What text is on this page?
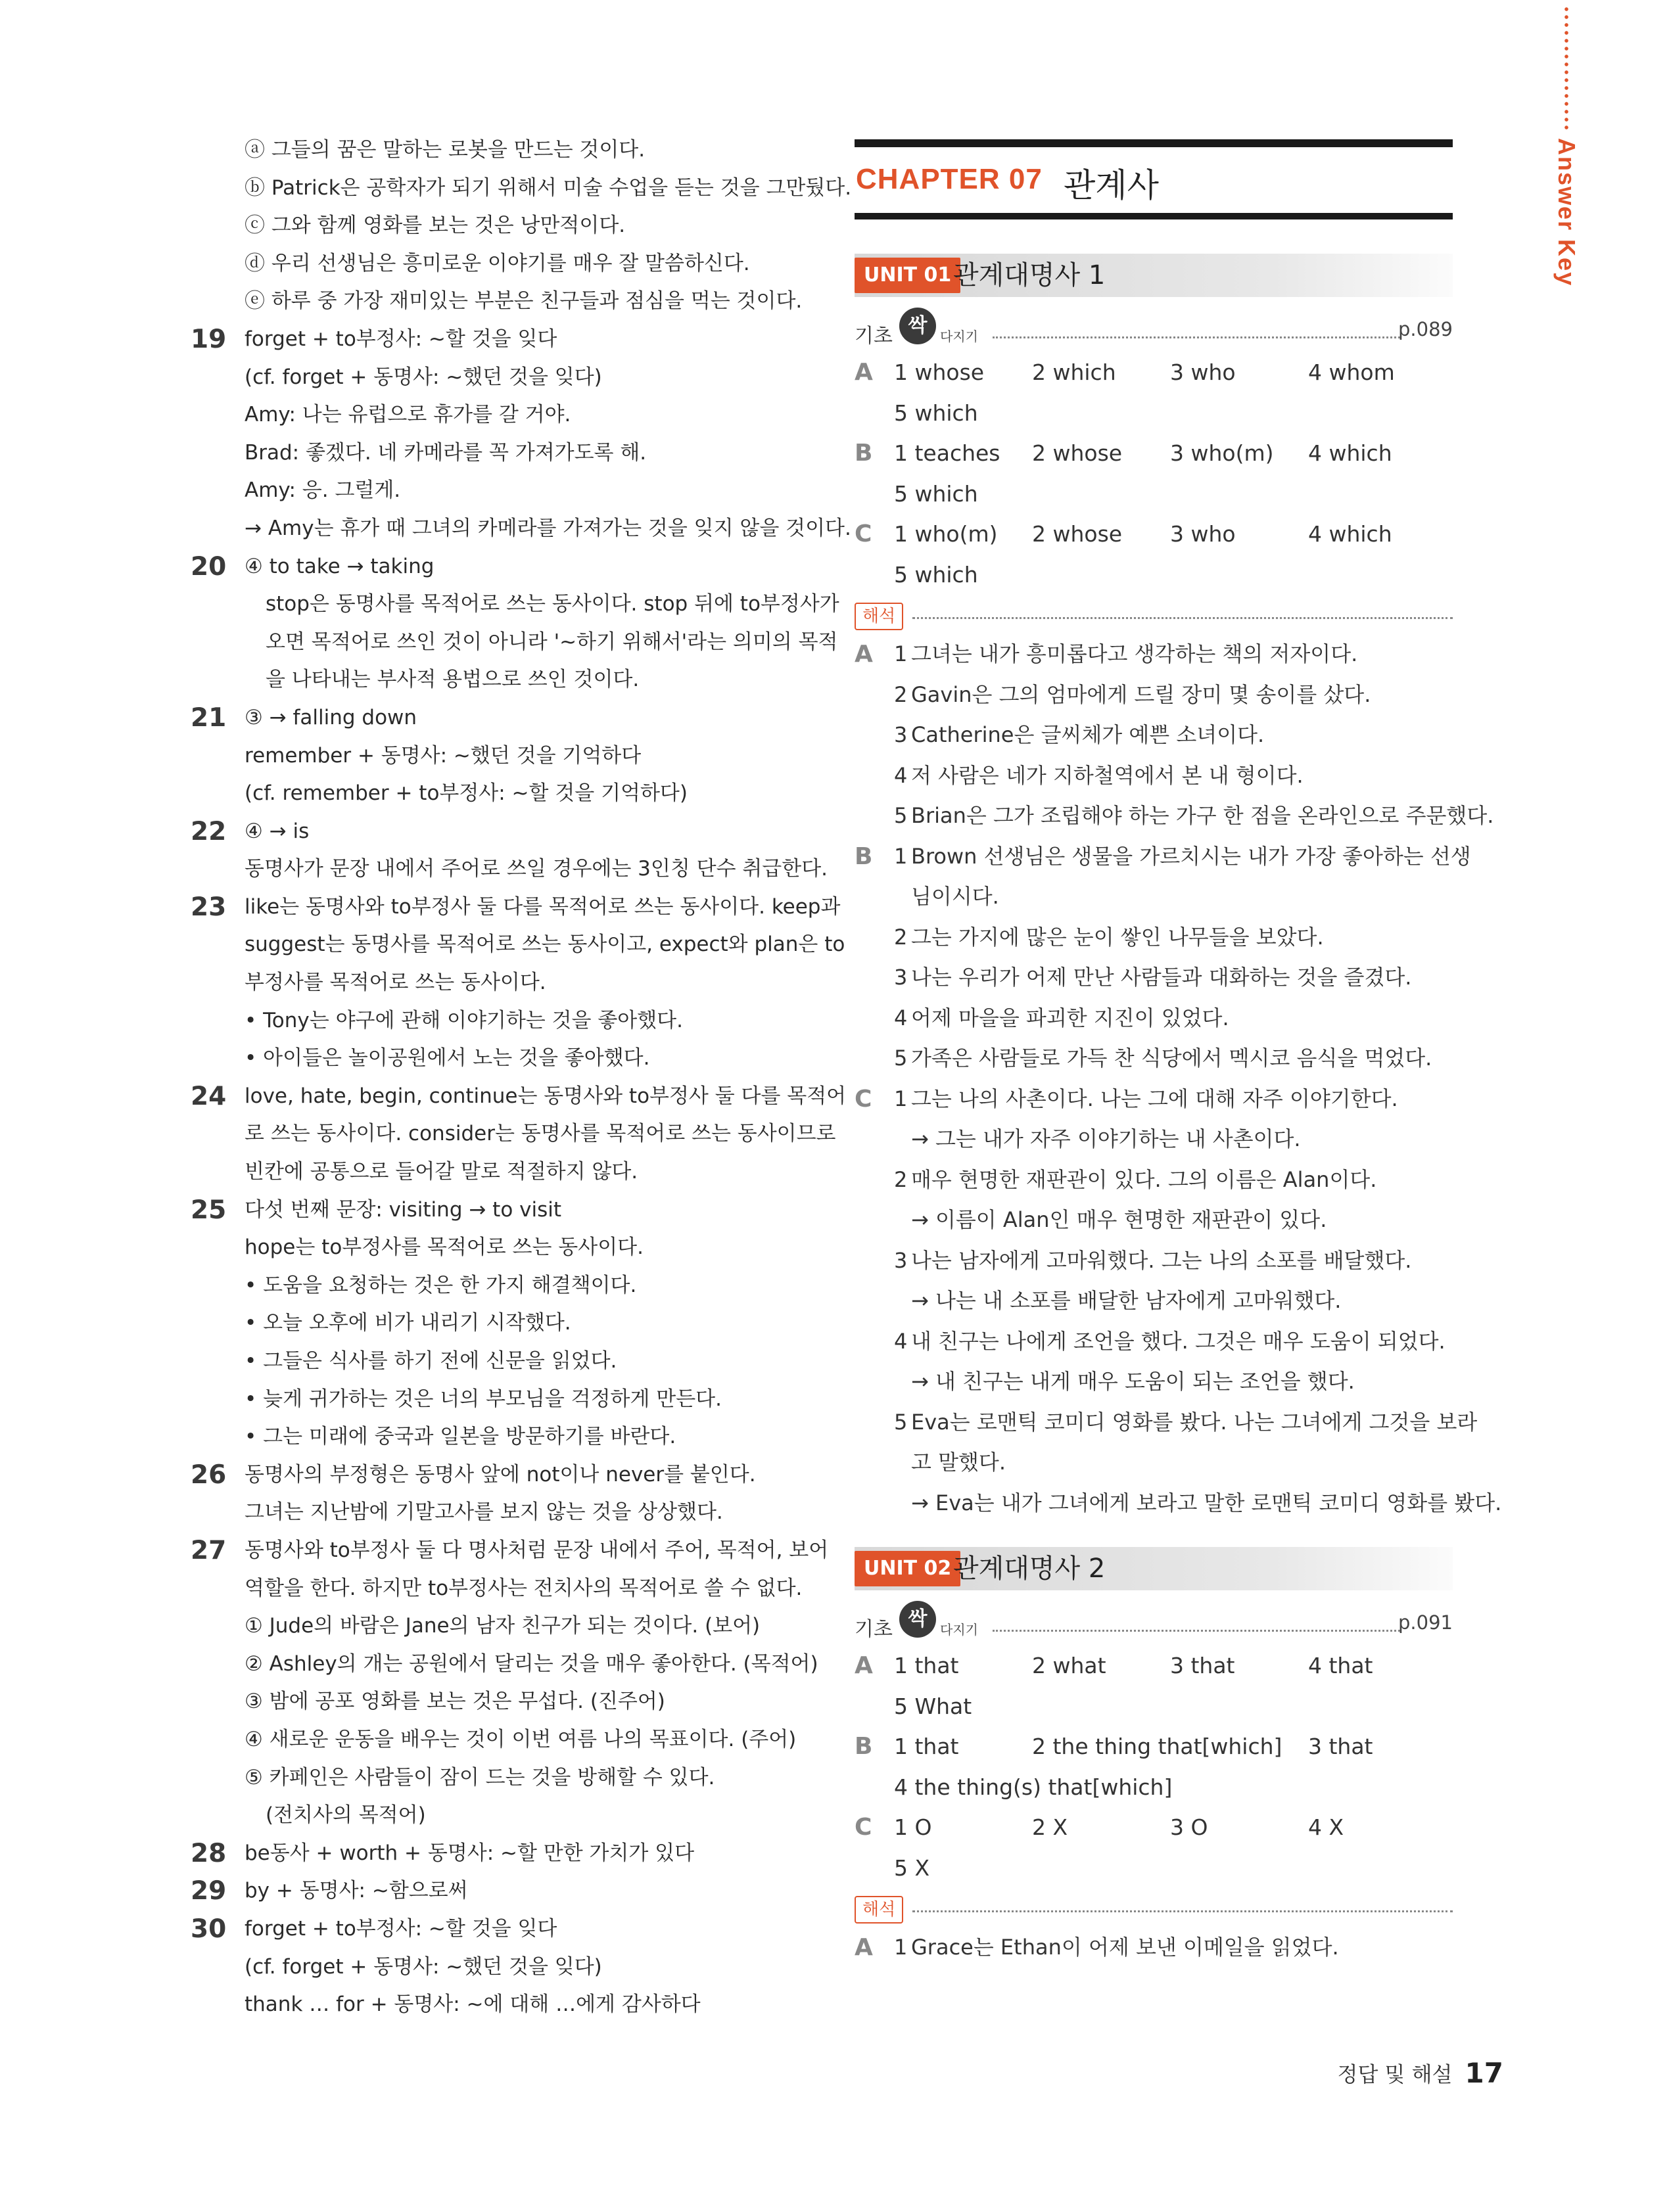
Answer Key
ⓐ 그들의 꿈은 말하는 로봇을 만드는 것이다.
ⓑ Patrick은 공학자가 되기 위해서 미술 수업을 듣는 것을 그만뒀다.
ⓒ 그와 함께 영화를 보는 것은 낭만적이다.
ⓓ 우리 선생님은 흥미로운 이야기를 매우 잘 말씀하신다.
ⓔ 하루 중 가장 재미있는 부분은 친구들과 점심을 먹는 것이다.
19 forget + to부정사: ~할 것을 잊다
(cf. forget + 동명사: ~했던 것을 잊다)
Amy: 나는 유럽으로 휴가를 갈 거야.
Brad: 좋겠다. 네 카메라를 꼭 가져가도록 해.
Amy: 응. 그럴게.
→ Amy는 휴가 때 그녀의 카메라를 가져가는 것을 잊지 않을 것이다.
20 ④ to take → taking
stop은 동명사를 목적어로 쓰는 동사이다. stop 뒤에 to부정사가
오면 목적어로 쓰인 것이 아니라 '~하기 위해서'라는 의미의 목적
을 나타내는 부사적 용법으로 쓰인 것이다.
21 ③ → falling down
remember + 동명사: ~했던 것을 기억하다
(cf. remember + to부정사: ~할 것을 기억하다)
22 ④ → is
동명사가 문장 내에서 주어로 쓰일 경우에는 3인칭 단수 취급한다.
23 like는 동명사와 to부정사 둘 다를 목적어로 쓰는 동사이다. keep과
suggest는 동명사를 목적어로 쓰는 동사이고, expect와 plan은 to
부정사를 목적어로 쓰는 동사이다.
• Tony는 야구에 관해 이야기하는 것을 좋아했다.
• 아이들은 놀이공원에서 노는 것을 좋아했다.
24 love, hate, begin, continue는 동명사와 to부정사 둘 다를 목적어
로 쓰는 동사이다. consider는 동명사를 목적어로 쓰는 동사이므로
빈칸에 공통으로 들어갈 말로 적절하지 않다.
25 다섯 번째 문장: visiting → to visit
hope는 to부정사를 목적어로 쓰는 동사이다.
• 도움을 요청하는 것은 한 가지 해결책이다.
• 오늘 오후에 비가 내리기 시작했다.
• 그들은 식사를 하기 전에 신문을 읽었다.
• 늦게 귀가하는 것은 너의 부모님을 걱정하게 만든다.
• 그는 미래에 중국과 일본을 방문하기를 바란다.
26 동명사의 부정형은 동명사 앞에 not이나 never를 붙인다.
그녀는 지난밤에 기말고사를 보지 않는 것을 상상했다.
27 동명사와 to부정사 둘 다 명사처럼 문장 내에서 주어, 목적어, 보어
역할을 한다. 하지만 to부정사는 전치사의 목적어로 쓸 수 없다.
① Jude의 바람은 Jane의 남자 친구가 되는 것이다. (보어)
② Ashley의 개는 공원에서 달리는 것을 매우 좋아한다. (목적어)
③ 밤에 공포 영화를 보는 것은 무섭다. (진주어)
④ 새로운 운동을 배우는 것이 이번 여름 나의 목표이다. (주어)
⑤ 카페인은 사람들이 잠이 드는 것을 방해할 수 있다.
(전치사의 목적어)
28 be동사 + worth + 동명사: ~할 만한 가치가 있다
29 by + 동명사: ~함으로써
30 forget + to부정사: ~할 것을 잊다
(cf. forget + 동명사: ~했던 것을 잊다)
thank … for + 동명사: ~에 대해 …에게 감사하다
CHAPTER 07 관계사
UNIT 01 관계대명사 1
기초 싹 다지기	p.089
A 1 whose 2 which 3 who	4 whom
5 which
B 1 teaches 2 whose 3 who(m) 4 which
5 which
C 1 who(m) 2 whose 3 who	4 which
5 which
해석
A 1 그녀는 내가 흥미롭다고 생각하는 책의 저자이다.
2 Gavin은 그의 엄마에게 드릴 장미 몇 송이를 샀다.
3 Catherine은 글씨체가 예쁜 소녀이다.
4 저 사람은 네가 지하철역에서 본 내 형이다.
5 Brian은 그가 조립해야 하는 가구 한 점을 온라인으로 주문했다.
B 1 Brown 선생님은 생물을 가르치시는 내가 가장 좋아하는 선생
님이시다.
2 그는 가지에 많은 눈이 쌓인 나무들을 보았다.
3 나는 우리가 어제 만난 사람들과 대화하는 것을 즐겼다.
4 어제 마을을 파괴한 지진이 있었다.
5 가족은 사람들로 가득 찬 식당에서 멕시코 음식을 먹었다.
C 1 그는 나의 사촌이다. 나는 그에 대해 자주 이야기한다.
→ 그는 내가 자주 이야기하는 내 사촌이다.
2 매우 현명한 재판관이 있다. 그의 이름은 Alan이다.
→ 이름이 Alan인 매우 현명한 재판관이 있다.
3 나는 남자에게 고마워했다. 그는 나의 소포를 배달했다.
→ 나는 내 소포를 배달한 남자에게 고마워했다.
4 내 친구는 나에게 조언을 했다. 그것은 매우 도움이 되었다.
→ 내 친구는 내게 매우 도움이 되는 조언을 했다.
5 Eva는 로맨틱 코미디 영화를 봤다. 나는 그녀에게 그것을 보라
고 말했다.
→ Eva는 내가 그녀에게 보라고 말한 로맨틱 코미디 영화를 봤다.
UNIT 02 관계대명사 2
기초 싹 다지기	p.091
A 1 that	2 what	3 that	4 that
5 What
B 1 that	2 the thing that[which] 3 that
4 the thing(s) that[which]
C 1 O	2 X	3 O	4 X
5 X
해석
A 1 Grace는 Ethan이 어제 보낸 이메일을 읽었다.
정답 및 해설 17
